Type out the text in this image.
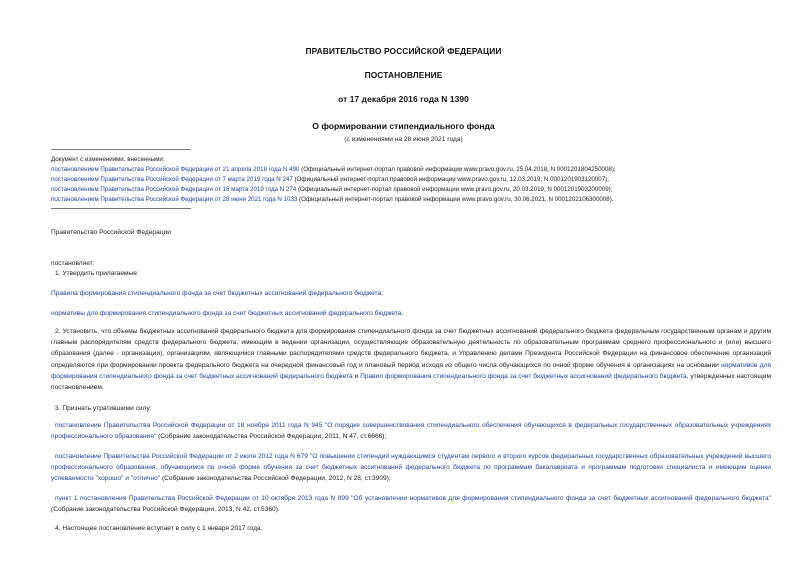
ПРАВИТЕЛЬСТВО РОССИЙСКОЙ ФЕДЕРАЦИИ
ПОСТАНОВЛЕНИЕ
от 17 декабря 2016 года N 1390
О формировании стипендиального фонда
(с изменениями на 28 июня 2021 года)
Документ с изменениями, внесенными:
постановлением Правительства Российской Федерации от 21 апреля 2018 года N 490 (Официальный интернет-портал правовой информации www.pravo.gov.ru, 25.04.2018, N 0001201804250008);
постановлением Правительства Российской Федерации от 7 марта 2019 года N 247 (Официальный интернет-портал правовой информации www.pravo.gov.ru, 12.03.2019, N 0001201903120007);
постановлением Правительства Российской Федерации от 16 марта 2019 года N 274 (Официальный интернет-портал правовой информации www.pravo.gov.ru, 20.03.2019, N 0001201903200009);
постановлением Правительства Российской Федерации от 28 июня 2021 года N 1033 (Официальный интернет-портал правовой информации www.pravo.gov.ru, 30.06.2021, N 0001202106300008).
Правительство Российской Федерации
постановляет:
1. Утвердить прилагаемые:
Правила формирования стипендиального фонда за счет бюджетных ассигнований федерального бюджета;
нормативы для формирования стипендиального фонда за счет бюджетных ассигнований федерального бюджета.
2. Установить, что объемы бюджетных ассигнований федерального бюджета для формирования стипендиального фонда за счет бюджетных ассигнований федерального бюджета федеральным государственным органам и другим главным распорядителям средств федерального бюджета, имеющим в ведении организации, осуществляющие образовательную деятельность по образовательным программам среднего профессионального и (или) высшего образования (далее - организации), организациям, являющимся главными распорядителями средств федерального бюджета, и Управлению делами Президента Российской Федерации на финансовое обеспечение организаций определяются при формировании проекта федерального бюджета на очередной финансовый год и плановый период исходя из общего числа обучающихся по очной форме обучения в организациях на основании нормативов для формирования стипендиального фонда за счет бюджетных ассигнований федерального бюджета и Правил формирования стипендиального фонда за счет бюджетных ассигнований федерального бюджета, утвержденных настоящим постановлением.
3. Признать утратившими силу:
постановление Правительства Российской Федерации от 18 ноября 2011 года N 945 "О порядке совершенствования стипендиального обеспечения обучающихся в федеральных государственных образовательных учреждениях профессионального образования" (Собрание законодательства Российской Федерации, 2011, N 47, ст.6666);
постановление Правительства Российской Федерации от 2 июля 2012 года N 679 "О повышении стипендий нуждающимся студентам первого и второго курсов федеральных государственных образовательных учреждений высшего профессионального образования, обучающимся по очной форме обучения за счет бюджетных ассигнований федерального бюджета по программам бакалавриата и программам подготовки специалиста и имеющим оценки успеваемости "хорошо" и "отлично" (Собрание законодательства Российской Федерации, 2012, N 28, ст.3909);
пункт 1 постановления Правительства Российской Федерации от 10 октября 2013 года N 899 "Об установлении нормативов для формирования стипендиального фонда за счет бюджетных ассигнований федерального бюджета" (Собрание законодательства Российской Федерации, 2013, N 42, ст.5360).
4. Настоящее постановление вступает в силу с 1 января 2017 года.
